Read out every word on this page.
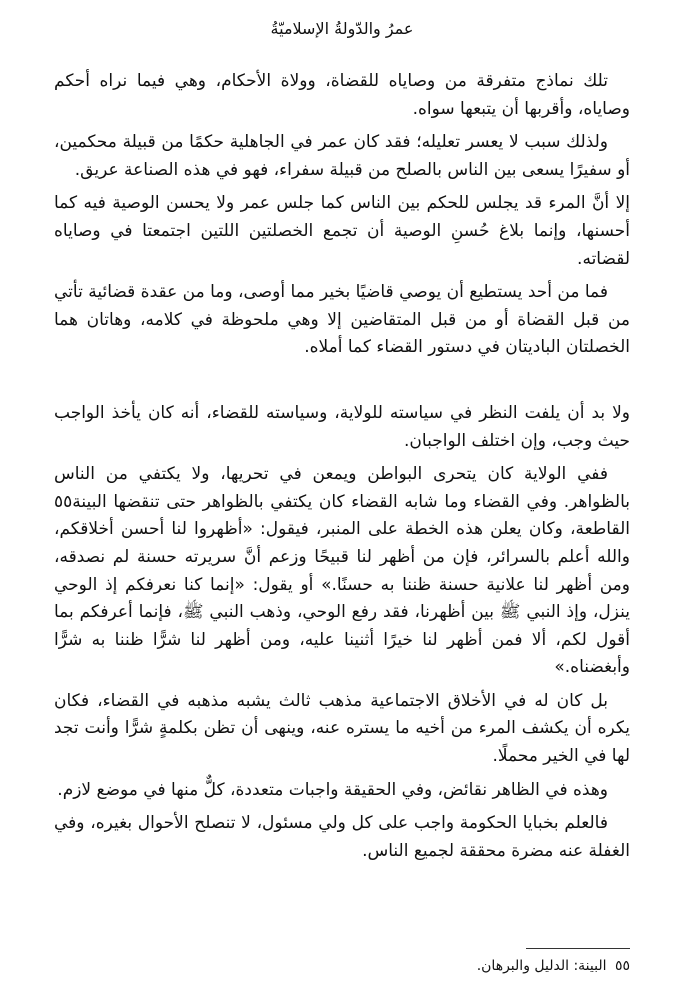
عمرُ والدّولةُ الإسلاميّةُ

تلك نماذج متفرقة من وصاياه للقضاة، وولاة الأحكام، وهي فيما نراه أحكم وصاياه، وأقربها أن يتبعها سواه.

ولذلك سبب لا يعسر تعليله؛ فقد كان عمر في الجاهلية حكمًا من قبيلة محكمين، أو سفيرًا يسعى بين الناس بالصلح من قبيلة سفراء، فهو في هذه الصناعة عريق.

إلا أنَّ المرء قد يجلس للحكم بين الناس كما جلس عمر ولا يحسن الوصية فيه كما أحسنها، وإنما بلاغ حُسنِ الوصية أن تجمع الخصلتين اللتين اجتمعتا في وصاياه لقضاته.

فما من أحد يستطيع أن يوصي قاضيًا بخير مما أوصى، وما من عقدة قضائية تأتي من قبل القضاة أو من قبل المتقاضين إلا وهي ملحوظة في كلامه، وهاتان هما الخصلتان الباديتان في دستور القضاء كما أملاه.

ولا بد أن يلفت النظر في سياسته للولاية، وسياسته للقضاء، أنه كان يأخذ الواجب حيث وجب، وإن اختلف الواجبان.

ففي الولاية كان يتحرى البواطن ويمعن في تحريها، ولا يكتفي من الناس بالظواهر. وفي القضاء وما شابه القضاء كان يكتفي بالظواهر حتى تنقضها البينة٥٥ القاطعة، وكان يعلن هذه الخطة على المنبر، فيقول: «أظهروا لنا أحسن أخلاقكم، والله أعلم بالسرائر، فإن من أظهر لنا قبيحًا وزعم أنَّ سريرته حسنة لم نصدقه، ومن أظهر لنا علانية حسنة ظننا به حسنًا.» أو يقول: «إنما كنا نعرفكم إذ الوحي ينزل، وإذ النبي ﷺ بين أظهرنا، فقد رفع الوحي، وذهب النبي ﷺ، فإنما أعرفكم بما أقول لكم، ألا فمن أظهر لنا خيرًا أثنينا عليه، ومن أظهر لنا شرًّا ظننا به شرًّا وأبغضناه.»

بل كان له في الأخلاق الاجتماعية مذهب ثالث يشبه مذهبه في القضاء، فكان يكره أن يكشف المرء من أخيه ما يستره عنه، وينهى أن تظن بكلمةٍ شرًّا وأنت تجد لها في الخير محملًا.

وهذه في الظاهر نقائض، وفي الحقيقة واجبات متعددة، كلٌّ منها في موضع لازم.

فالعلم بخبايا الحكومة واجب على كل ولي مسئول، لا تنصلح الأحوال بغيره، وفي الغفلة عنه مضرة محققة لجميع الناس.

٥٥ البينة: الدليل والبرهان.
